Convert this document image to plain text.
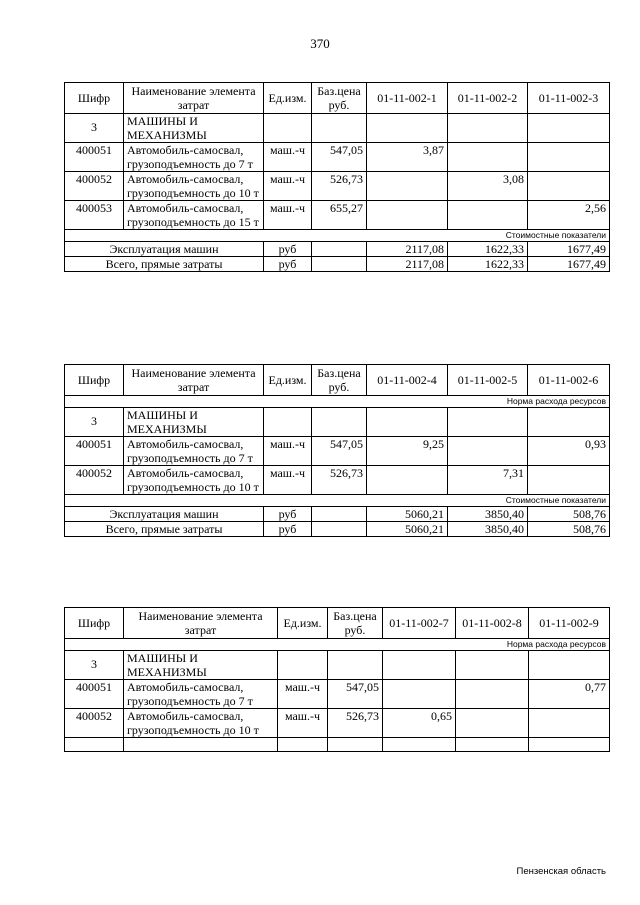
370
Шифр	Наименование элемента затрат	Ед.изм.	Баз.цена руб.	01-11-002-1	01-11-002-2	01-11-002-3
3	МАШИНЫ И МЕХАНИЗМЫ					
400051	Автомобиль-самосвал, грузоподъемность до 7 т	маш.-ч	547,05	3,87		
400052	Автомобиль-самосвал, грузоподъемность до 10 т	маш.-ч	526,73		3,08	
400053	Автомобиль-самосвал, грузоподъемность до 15 т	маш.-ч	655,27			2,56
Стоимостные показатели						
Эксплуатация машин		руб		2117,08	1622,33	1677,49
Всего, прямые затраты		руб		2117,08	1622,33	1677,49
Шифр	Наименование элемента затрат	Ед.изм.	Баз.цена руб.	01-11-002-4	01-11-002-5	01-11-002-6
Норма расхода ресурсов						
3	МАШИНЫ И МЕХАНИЗМЫ					
400051	Автомобиль-самосвал, грузоподъемность до 7 т	маш.-ч	547,05	9,25		0,93
400052	Автомобиль-самосвал, грузоподъемность до 10 т	маш.-ч	526,73		7,31	
Стоимостные показатели						
Эксплуатация машин		руб		5060,21	3850,40	508,76
Всего, прямые затраты		руб		5060,21	3850,40	508,76
Шифр	Наименование элемента затрат	Ед.изм.	Баз.цена руб.	01-11-002-7	01-11-002-8	01-11-002-9
Норма расхода ресурсов						
3	МАШИНЫ И МЕХАНИЗМЫ					
400051	Автомобиль-самосвал, грузоподъемность до 7 т	маш.-ч	547,05			0,77
400052	Автомобиль-самосвал, грузоподъемность до 10 т	маш.-ч	526,73	0,65		

Пензенская область
